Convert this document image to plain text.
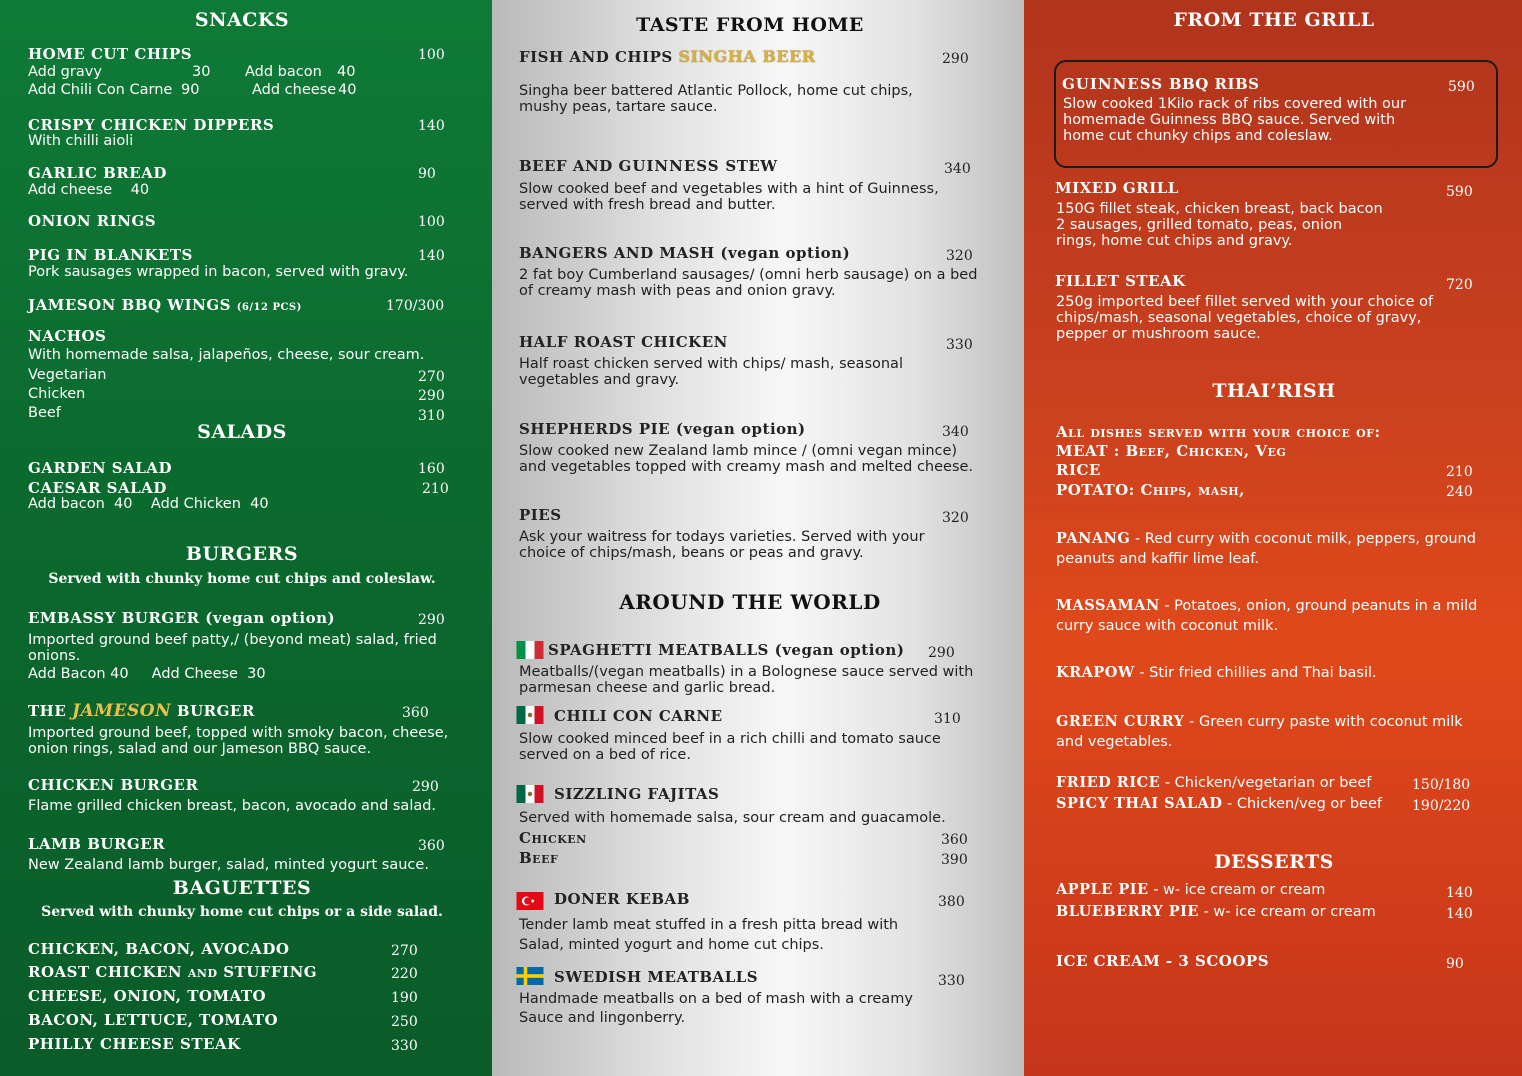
SNACKS
HOME CUT CHIPS	100
Add gravy	30 Add bacon 40
Add Chili Con Carne 90	Add cheese 40
CRISPY CHICKEN DIPPERS	140
With chilli aioli
GARLIC BREAD	90
Add cheese    40
ONION RINGS	100
PIG IN BLANKETS	140
Pork sausages wrapped in bacon, served with gravy.
JAMESON BBQ WINGS (6/12 PCS)	170/300
NACHOS
With homemade salsa, jalapeños, cheese, sour cream.
Vegetarian	270
Chicken	290
Beef	310
SALADS
GARDEN SALAD	160
CAESAR SALAD	210
Add bacon  40    Add Chicken  40
BURGERS
Served with chunky home cut chips and coleslaw.
EMBASSY BURGER (vegan option)	290
Imported ground beef patty,/ (beyond meat) salad, fried onions.
Add Bacon 40     Add Cheese  30
THE JAMESON BURGER	360
Imported ground beef, topped with smoky bacon, cheese, onion rings, salad and our Jameson BBQ sauce.
CHICKEN BURGER	290
Flame grilled chicken breast, bacon, avocado and salad.
LAMB BURGER	360
New Zealand lamb burger, salad, minted yogurt sauce.
BAGUETTES
Served with chunky home cut chips or a side salad.
CHICKEN, BACON, AVOCADO	270
ROAST CHICKEN and STUFFING	220
CHEESE, ONION, TOMATO	190
BACON, LETTUCE, TOMATO	250
PHILLY CHEESE STEAK	330
TASTE FROM HOME
FISH AND CHIPS SINGHA BEER	290
Singha beer battered Atlantic Pollock, home cut chips, mushy peas, tartare sauce.
BEEF AND GUINNESS STEW	340
Slow cooked beef and vegetables with a hint of Guinness, served with fresh bread and butter.
BANGERS AND MASH (vegan option)	320
2 fat boy Cumberland sausages/ (omni herb sausage) on a bed of creamy mash with peas and onion gravy.
HALF ROAST CHICKEN	330
Half roast chicken served with chips/ mash, seasonal vegetables and gravy.
SHEPHERDS PIE (vegan option)	340
Slow cooked new Zealand lamb mince / (omni vegan mince) and vegetables topped with creamy mash and melted cheese.
PIES	320
Ask your waitress for todays varieties. Served with your choice of chips/mash, beans or peas and gravy.
AROUND THE WORLD
SPAGHETTI MEATBALLS (vegan option) 290
Meatballs/(vegan meatballs) in a Bolognese sauce served with parmesan cheese and garlic bread.
CHILI CON CARNE	310
Slow cooked minced beef in a rich chilli and tomato sauce served on a bed of rice.
SIZZLING FAJITAS
Served with homemade salsa, sour cream and guacamole.
Chicken	360
Beef	390
DONER KEBAB	380
Tender lamb meat stuffed in a fresh pitta bread with Salad, minted yogurt and home cut chips.
SWEDISH MEATBALLS	330
Handmade meatballs on a bed of mash with a creamy Sauce and lingonberry.
FROM THE GRILL
GUINNESS BBQ RIBS	590
Slow cooked 1Kilo rack of ribs covered with our homemade Guinness BBQ sauce. Served with home cut chunky chips and coleslaw.
MIXED GRILL	590
150G fillet steak, chicken breast, back bacon 2 sausages, grilled tomato, peas, onion rings, home cut chips and gravy.
FILLET STEAK	720
250g imported beef fillet served with your choice of chips/mash, seasonal vegetables, choice of gravy, pepper or mushroom sauce.
THAI’RISH
All dishes served with your choice of:
MEAT : Beef, Chicken, Veg
RICE	210
POTATO: Chips, mash,	240
PANANG - Red curry with coconut milk, peppers, ground peanuts and kaffir lime leaf.
MASSAMAN - Potatoes, onion, ground peanuts in a mild curry sauce with coconut milk.
KRAPOW - Stir fried chillies and Thai basil.
GREEN CURRY - Green curry paste with coconut milk and vegetables.
FRIED RICE - Chicken/vegetarian or beef	150/180
SPICY THAI SALAD - Chicken/veg or beef 190/220
DESSERTS
APPLE PIE - w- ice cream or cream	140
BLUEBERRY PIE - w- ice cream or cream	140
ICE CREAM - 3 SCOOPS	90
